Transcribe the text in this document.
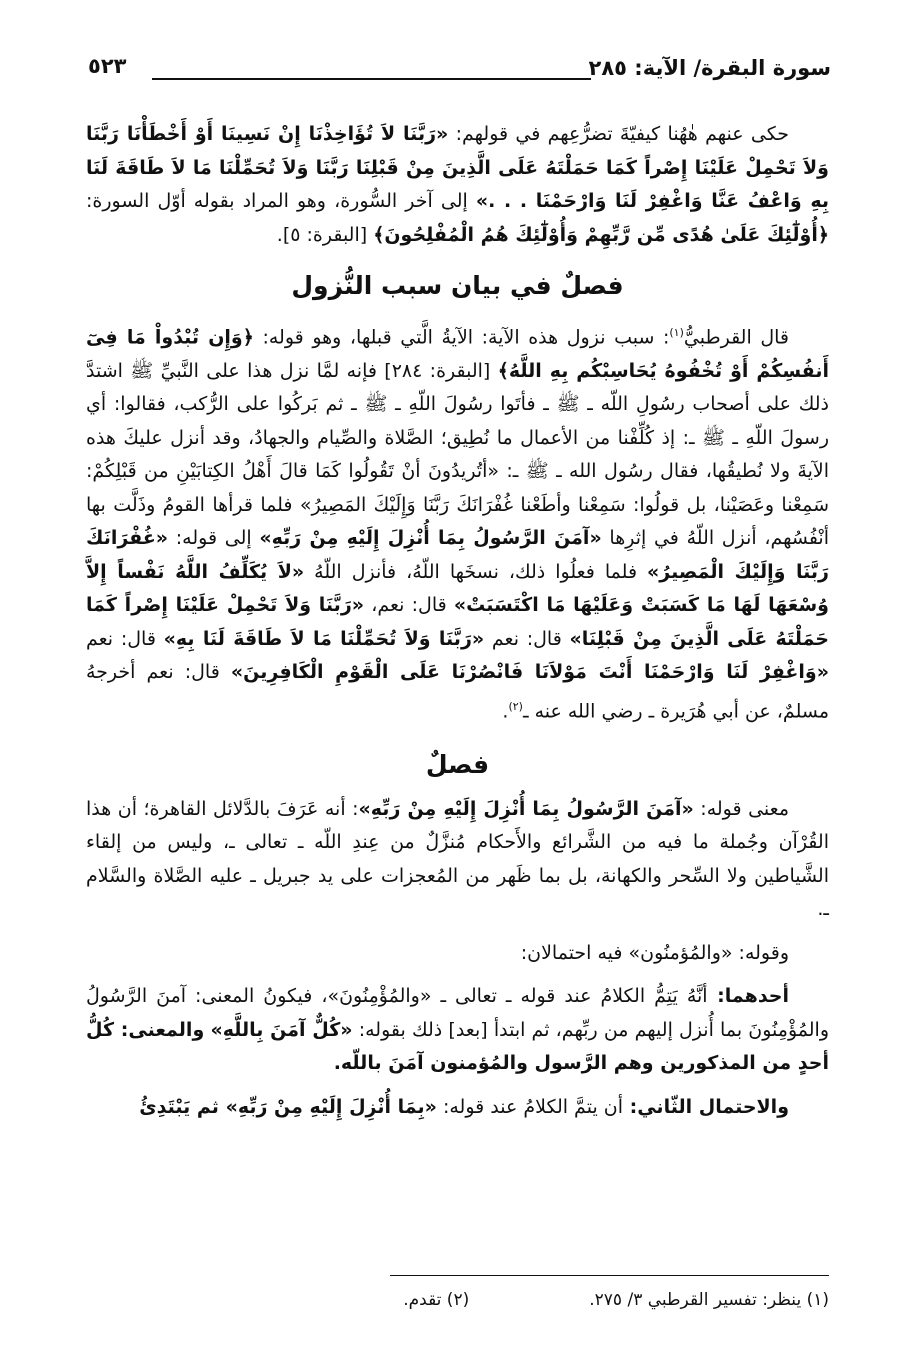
سورة البقرة/ الآية: ٢٨٥
٥٢٣

حكى عنهم هٰهُنا كيفيّةَ تضرُّعِهم في قولهم: «رَبَّنَا لاَ تُؤَاخِذْنَا إِنْ نَسِينَا أَوْ أَخْطَأْنَا رَبَّنَا وَلاَ تَحْمِلْ عَلَيْنَا إِصْراً كَمَا حَمَلْتَهُ عَلَى الَّذِينَ مِنْ قَبْلِنَا رَبَّنَا وَلاَ تُحَمِّلْنَا مَا لاَ طَاقَةَ لَنَا بِهِ وَاعْفُ عَنَّا وَاغْفِرْ لَنَا وَارْحَمْنَا . . .» إلى آخر السُّورة، وهو المراد بقوله أوّل السورة: ﴿أُوْلَٰٓئِكَ عَلَىٰ هُدًى مِّن رَّبِّهِمْ وَأُوْلَٰٓئِكَ هُمُ الْمُفْلِحُونَ﴾ [البقرة: ٥].

فصلٌ في بيان سبب النُّزول

قال القرطبيُّ$^{(١)}$: سبب نزول هذه الآية: الآيةُ الَّتي قبلها، وهو قوله: ﴿وَإِن تُبْدُواْ مَا فِىٓ أَنفُسِكُمْ أَوْ تُخْفُوهُ يُحَاسِبْكُم بِهِ اللَّهُ﴾ [البقرة: ٢٨٤] فإنه لمَّا نزل هذا على النَّبيِّ ﷺ اشتدَّ ذلك على أصحاب رسُولِ اللّه ـ ﷺ ـ فأتَوا رسُولَ اللّهِ ـ ﷺ ـ ثم بَركُوا على الرُّكب، فقالوا: أي رسولَ اللّهِ ـ ﷺ ـ: إذ كُلِّفْنا من الأعمال ما نُطِيق؛ الصَّلاة والصِّيام والجهادُ، وقد أنزل عليكَ هذه الآيةَ ولا نُطيقُها، فقال رسُول الله ـ ﷺ ـ: «أتُريدُونَ أنْ تَقُولُوا كَمَا قالَ أَهْلُ الكِتابَيْنِ من قَبْلِكُمْ: سَمِعْنا وعَصَيْنا، بل قولُوا: سَمِعْنا وأطَعْنا غُفْرَانَكَ رَبَّنَا وَإِلَيْكَ المَصِيرُ» فلما قرأها القومُ وذَلَّت بها أنْفُسُهم، أنزل اللّهُ في إثرِها «آمَنَ الرَّسُولُ بِمَا أُنْزِلَ إِلَيْهِ مِنْ رَبِّهِ» إلى قوله: «غُفْرَانَكَ رَبَّنَا وَإِلَيْكَ الْمَصِيرُ» فلما فعلُوا ذلك، نسخَها اللّهُ، فأنزل اللّهُ «لاَ يُكَلِّفُ اللَّهُ نَفْساً إِلاَّ وُسْعَهَا لَهَا مَا كَسَبَتْ وَعَلَيْهَا مَا اكْتَسَبَتْ» قال: نعم، «رَبَّنَا وَلاَ تَحْمِلْ عَلَيْنَا إِصْراً كَمَا حَمَلْتَهُ عَلَى الَّذِينَ مِنْ قَبْلِنَا» قال: نعم «رَبَّنَا وَلاَ تُحَمِّلْنَا مَا لاَ طَاقَةَ لَنَا بِهِ» قال: نعم «وَاغْفِرْ لَنَا وَارْحَمْنَا أَنْتَ مَوْلاَنَا فَانْصُرْنَا عَلَى الْقَوْمِ الْكَافِرِينَ» قال: نعم أخرجهُ مسلمٌ، عن أبي هُرَيرة ـ رضي الله عنه ـ$^{(٢)}$.

فصلٌ

معنى قوله: «آمَنَ الرَّسُولُ بِمَا أُنْزِلَ إِلَيْهِ مِنْ رَبِّهِ»: أنه عَرَفَ بالدَّلائل القاهرة؛ أن هذا القُرْآن وجُملة ما فيه من الشَّرائع والأَحكام مُنزَّلٌ من عِندِ اللّه ـ تعالى ـ، وليس من إلقاء الشَّياطين ولا السِّحر والكهانة، بل بما ظَهر من المُعجزات على يد جبريل ـ عليه الصَّلاة والسَّلام ـ.

وقوله: «والمُؤمنُون» فيه احتمالان:

أحدهما: أنَّهُ يَتِمُّ الكلامُ عند قوله ـ تعالى ـ «والمُؤْمِنُونَ»، فيكونُ المعنى: آمنَ الرَّسُولُ والمُؤْمِنُونَ بما أُنزل إليهم من ربِّهم، ثم ابتدأ [بعد] ذلك بقوله: «كُلٌّ آمَنَ بِاللَّهِ» والمعنى: كُلُّ أحدٍ من المذكورين وهم الرَّسول والمُؤمنون آمَنَ باللّه.

والاحتمال الثّاني: أن يتمَّ الكلامُ عند قوله: «بِمَا أُنْزِلَ إِلَيْهِ مِنْ رَبِّهِ» ثم يَبْتَدِئُ

(١) ينظر: تفسير القرطبي ٣/ ٢٧٥.
(٢) تقدم.
